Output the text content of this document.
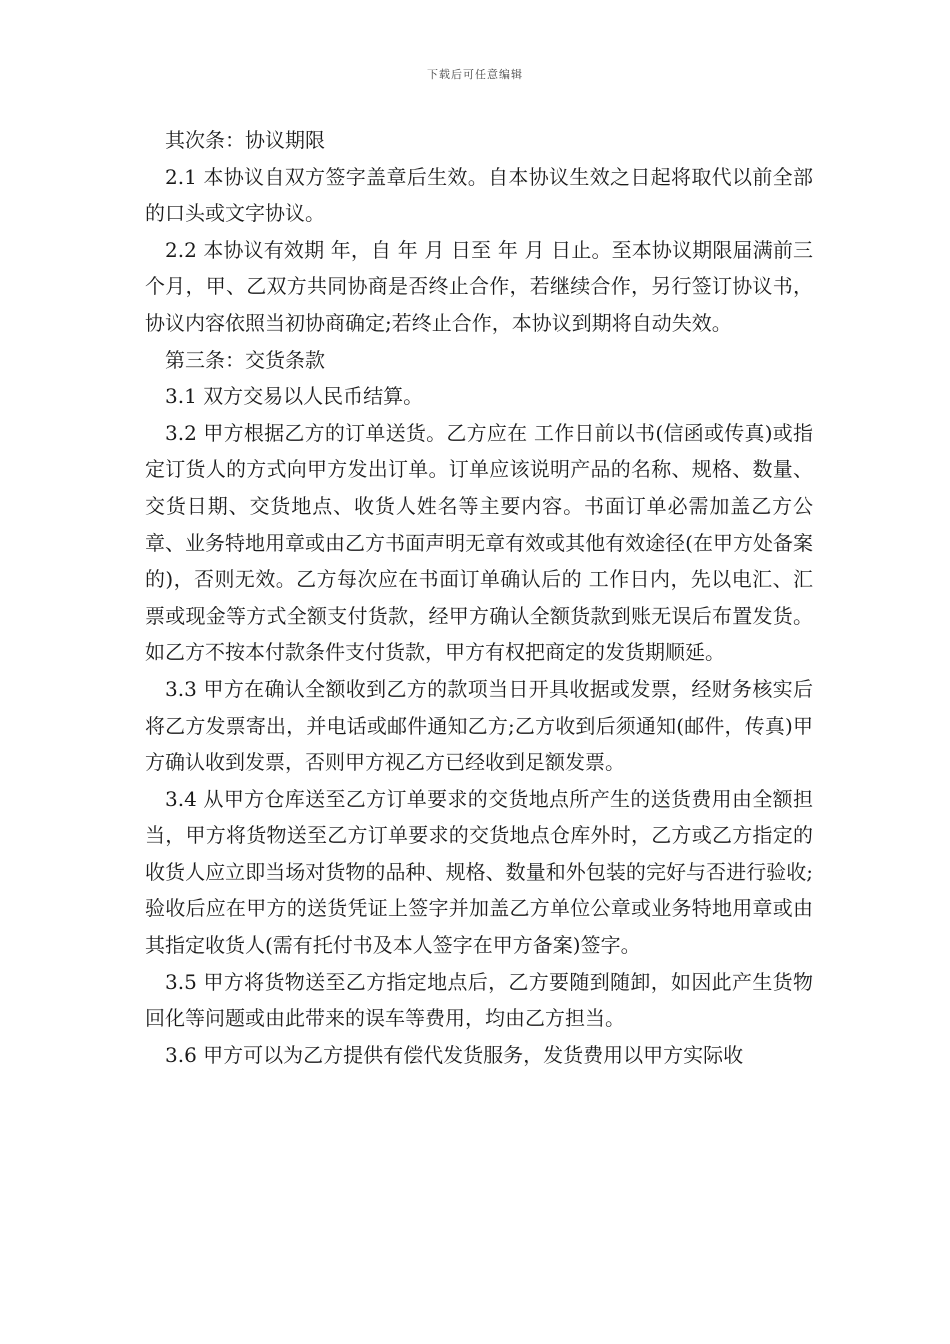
下载后可任意编辑

其次条：协议期限

2.1 本协议自双方签字盖章后生效。自本协议生效之日起将取代以前全部的口头或文字协议。

2.2 本协议有效期 年，自 年 月 日至 年 月 日止。至本协议期限届满前三个月，甲、乙双方共同协商是否终止合作，若继续合作，另行签订协议书，协议内容依照当初协商确定;若终止合作，本协议到期将自动失效。

第三条：交货条款

3.1 双方交易以人民币结算。

3.2 甲方根据乙方的订单送货。乙方应在 工作日前以书(信函或传真)或指定订货人的方式向甲方发出订单。订单应该说明产品的名称、规格、数量、交货日期、交货地点、收货人姓名等主要内容。书面订单必需加盖乙方公章、业务特地用章或由乙方书面声明无章有效或其他有效途径(在甲方处备案的)，否则无效。乙方每次应在书面订单确认后的 工作日内，先以电汇、汇票或现金等方式全额支付货款，经甲方确认全额货款到账无误后布置发货。如乙方不按本付款条件支付货款，甲方有权把商定的发货期顺延。

3.3 甲方在确认全额收到乙方的款项当日开具收据或发票，经财务核实后将乙方发票寄出，并电话或邮件通知乙方;乙方收到后须通知(邮件，传真)甲方确认收到发票，否则甲方视乙方已经收到足额发票。

3.4 从甲方仓库送至乙方订单要求的交货地点所产生的送货费用由全额担当，甲方将货物送至乙方订单要求的交货地点仓库外时，乙方或乙方指定的收货人应立即当场对货物的品种、规格、数量和外包装的完好与否进行验收;验收后应在甲方的送货凭证上签字并加盖乙方单位公章或业务特地用章或由其指定收货人(需有托付书及本人签字在甲方备案)签字。

3.5 甲方将货物送至乙方指定地点后，乙方要随到随卸，如因此产生货物回化等问题或由此带来的误车等费用，均由乙方担当。

3.6 甲方可以为乙方提供有偿代发货服务，发货费用以甲方实际收
